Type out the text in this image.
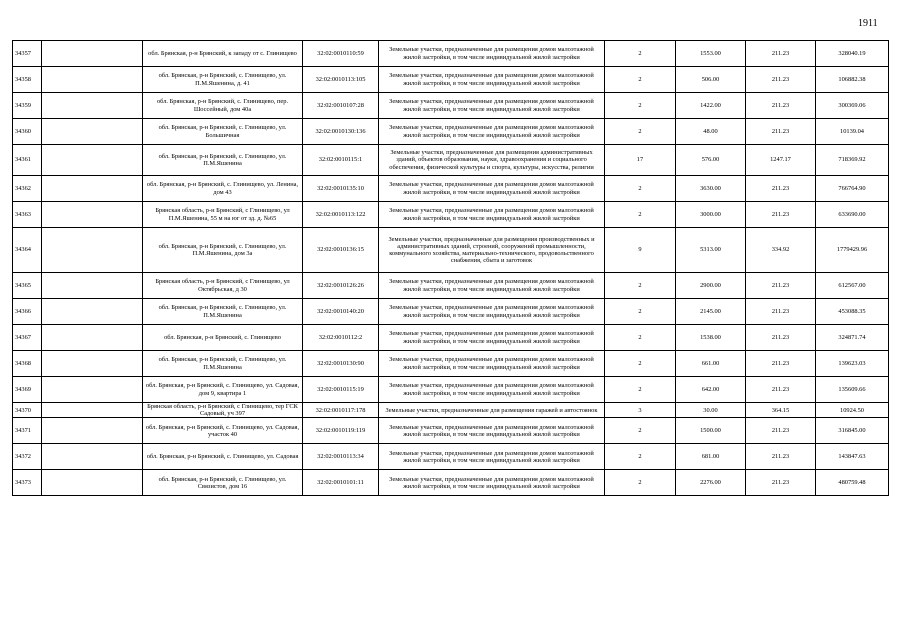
1911
34357		обл. Брянская, р-н Брянский, к западу от с. Глинищево	32:02:0010110:59	Земельные участки, предназначенные для размещения домов малоэтажной жилой застройки, в том числе индивидуальной жилой застройки	2	1553.00	211.23	328040.19
34358		обл. Брянская, р-н Брянский, с. Глинищево, ул. П.М.Яшенина, д. 41	32:02:0010113:105	Земельные участки, предназначенные для размещения домов малоэтажной жилой застройки, в том числе индивидуальной жилой застройки	2	506.00	211.23	106882.38
34359		обл. Брянская, р-н Брянский, с. Глинищево, пер. Шоссейный, дом 40а	32:02:0010107:28	Земельные участки, предназначенные для размещения домов малоэтажной жилой застройки, в том числе индивидуальной жилой застройки	2	1422.00	211.23	300369.06
34360		обл. Брянская, р-н Брянский, с. Глинищево, ул. Большичная	32:02:0010130:136	Земельные участки, предназначенные для размещения домов малоэтажной жилой застройки, в том числе индивидуальной жилой застройки	2	48.00	211.23	10139.04
34361		обл. Брянская, р-н Брянский, с. Глинищево, ул. П.М.Яшенина	32:02:0010115:1	Земельные участки, предназначенные для размещения административных зданий, объектов образования, науки, здравоохранения и социального обеспечения, физической культуры и спорта, культуры, искусства, религии	17	576.00	1247.17	718369.92
34362		обл. Брянская, р-н Брянский, с. Глинищево, ул. Ленина, дом 43	32:02:0010135:10	Земельные участки, предназначенные для размещения домов малоэтажной жилой застройки, в том числе индивидуальной жилой застройки	2	3630.00	211.23	766764.90
34363		Брянская область, р-н Брянский, с Глинищево, ул П.М.Яшенина, 55 м на юг от зд. д. №65	32:02:0010113:122	Земельные участки, предназначенные для размещения домов малоэтажной жилой застройки, в том числе индивидуальной жилой застройки	2	3000.00	211.23	633690.00
34364		обл. Брянская, р-н Брянский, с. Глинищево, ул. П.М.Яшенина, дом 3а	32:02:0010136:15	Земельные участки, предназначенные для размещения производственных и административных зданий, строений, сооружений промышленности, коммунального хозяйства, материально-технического, продовольственного снабжения, сбыта и заготовок	9	5313.00	334.92	1779429.96
34365		Брянская область, р-н Брянский, с Глинищево, ул Октябрьская, д 30	32:02:0010126:26	Земельные участки, предназначенные для размещения домов малоэтажной жилой застройки, в том числе индивидуальной жилой застройки	2	2900.00	211.23	612567.00
34366		обл. Брянская, р-н Брянский, с. Глинищево, ул. П.М.Яшенина	32:02:0010140:20	Земельные участки, предназначенные для размещения домов малоэтажной жилой застройки, в том числе индивидуальной жилой застройки	2	2145.00	211.23	453088.35
34367		обл. Брянская, р-н Брянский, с. Глинищево	32:02:0010112:2	Земельные участки, предназначенные для размещения домов малоэтажной жилой застройки, в том числе индивидуальной жилой застройки	2	1538.00	211.23	324871.74
34368		обл. Брянская, р-н Брянский, с. Глинищево, ул. П.М.Яшенина	32:02:0010130:90	Земельные участки, предназначенные для размещения домов малоэтажной жилой застройки, в том числе индивидуальной жилой застройки	2	661.00	211.23	139623.03
34369		обл. Брянская, р-н Брянский, с. Глинищево, ул. Садовая, дом 9, квартира 1	32:02:0010115:19	Земельные участки, предназначенные для размещения домов малоэтажной жилой застройки, в том числе индивидуальной жилой застройки	2	642.00	211.23	135609.66
34370		Брянская область, р-н Брянский, с Глинищево, тер ГСК Садовый, уч 397	32:02:0010117:178	Земельные участки, предназначенные для размещения гаражей и автостоянок	3	30.00	364.15	10924.50
34371		обл. Брянская, р-н Брянский, с. Глинищево, ул. Садовая, участок 40	32:02:0010119:119	Земельные участки, предназначенные для размещения домов малоэтажной жилой застройки, в том числе индивидуальной жилой застройки	2	1500.00	211.23	316845.00
34372		обл. Брянская, р-н Брянский, с. Глинищево, ул. Садовая	32:02:0010113:34	Земельные участки, предназначенные для размещения домов малоэтажной жилой застройки, в том числе индивидуальной жилой застройки	2	681.00	211.23	143847.63
34373		обл. Брянская, р-н Брянский, с. Глинищево, ул. Связистов, дом 16	32:02:0010101:11	Земельные участки, предназначенные для размещения домов малоэтажной жилой застройки, в том числе индивидуальной жилой застройки	2	2276.00	211.23	480759.48
